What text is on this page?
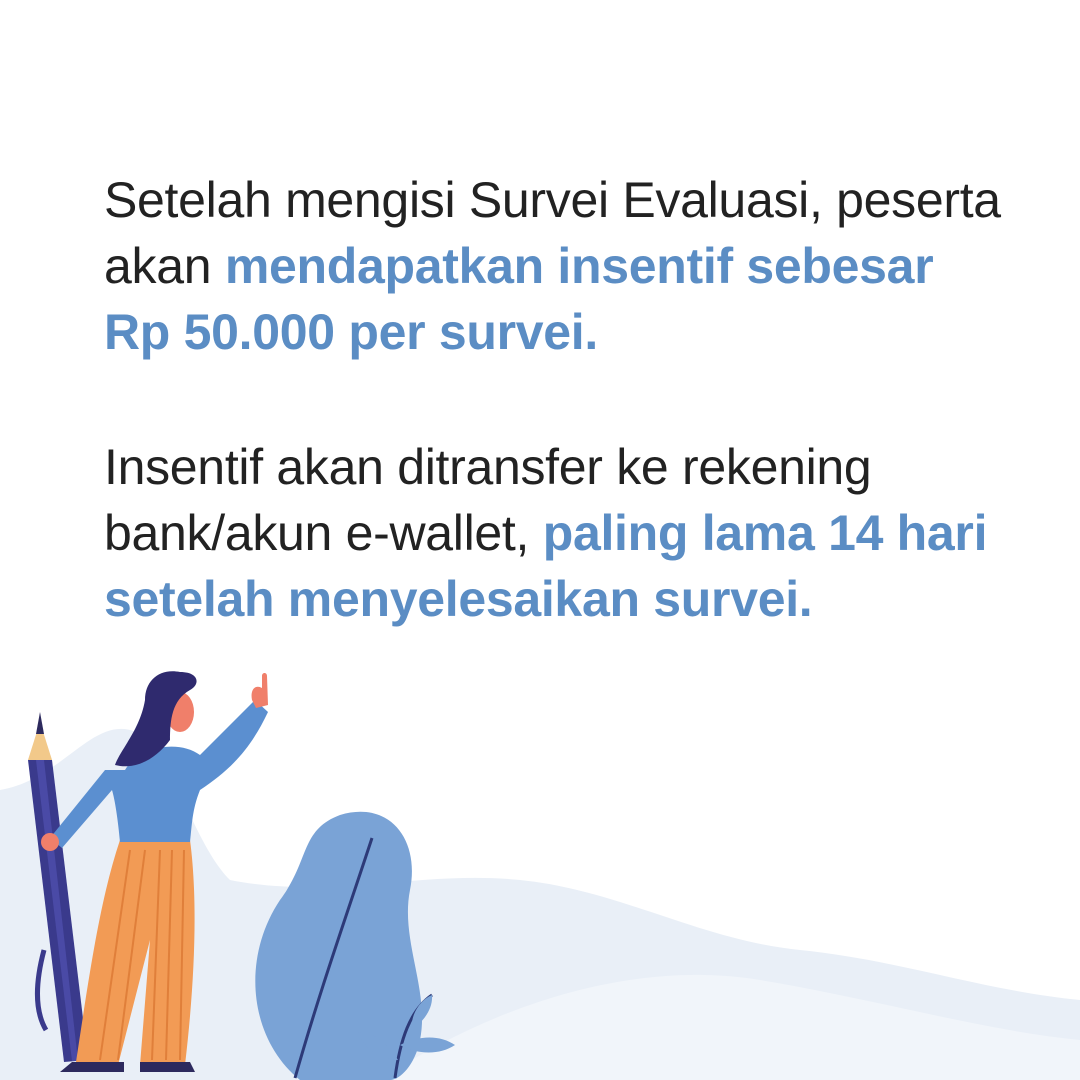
Setelah mengisi Survei Evaluasi, peserta akan mendapatkan insentif sebesar Rp 50.000 per survei.
Insentif akan ditransfer ke rekening bank/akun e-wallet, paling lama 14 hari setelah menyelesaikan survei.
